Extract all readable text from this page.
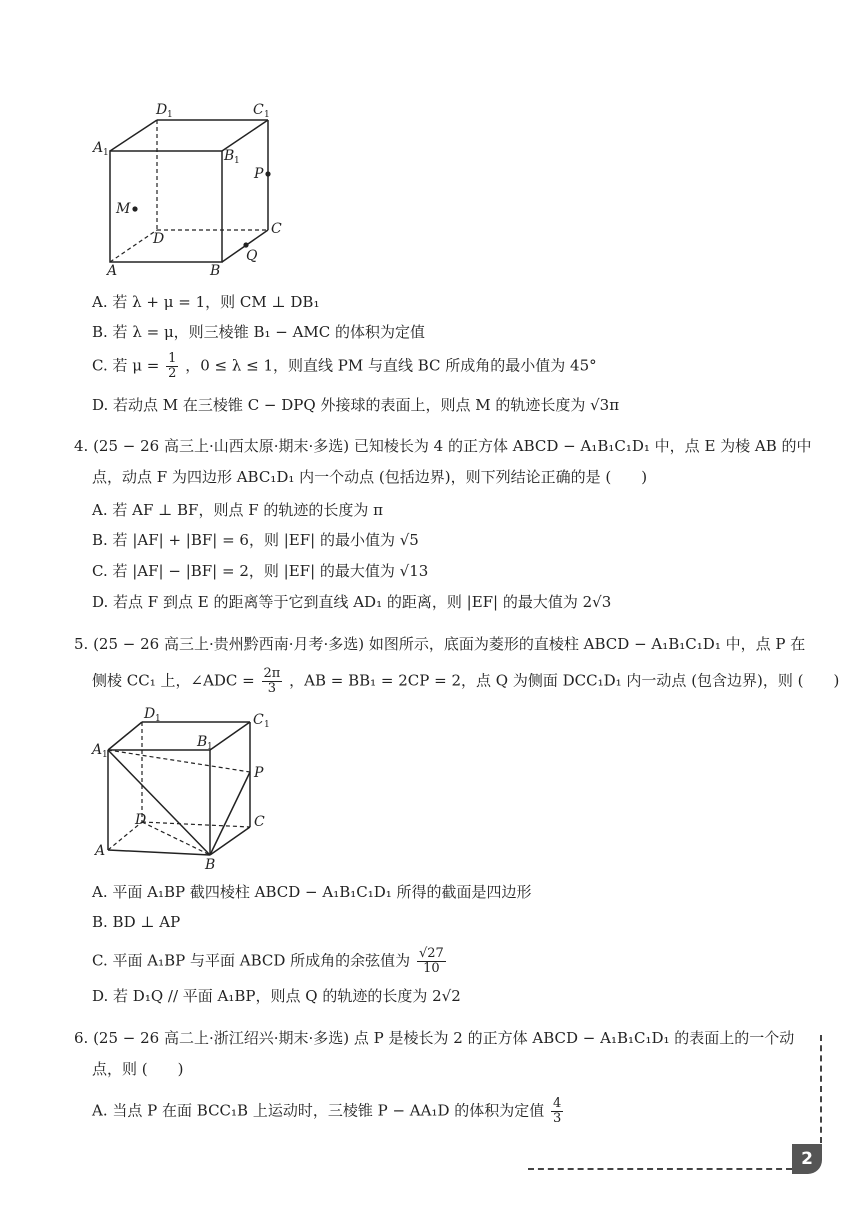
D 1	C 1
A 1	B 1
P
M
D
C
Q
A	B
A. 若 λ + μ = 1，则 CM ⊥ DB₁
B. 若 λ = μ，则三棱锥 B₁ − AMC 的体积为定值
C. 若 $\mu = \frac{1}{2}$ ，0 ≤ λ ≤ 1，则直线 PM 与直线 BC 所成角的最小值为 45°
D. 若动点 M 在三棱锥 C − DPQ 外接球的表面上，则点 M 的轨迹长度为 √3π
4. (25 − 26 高三上·山西太原·期末·多选) 已知棱长为 4 的正方体 ABCD − A₁B₁C₁D₁ 中，点 E 为棱 AB 的中
点，动点 F 为四边形 ABC₁D₁ 内一个动点 (包括边界)，则下列结论正确的是 (　　)
A. 若 AF ⊥ BF，则点 F 的轨迹的长度为 π
B. 若 |AF| + |BF| = 6，则 |EF| 的最小值为 √5
C. 若 |AF| − |BF| = 2，则 |EF| 的最大值为 √13
D. 若点 F 到点 E 的距离等于它到直线 AD₁ 的距离，则 |EF| 的最大值为 2√3
5. (25 − 26 高三上·贵州黔西南·月考·多选) 如图所示，底面为菱形的直棱柱 ABCD − A₁B₁C₁D₁ 中，点 P 在
侧棱 CC₁ 上，∠ADC = $\frac{2\pi}{3}$ ，AB = BB₁ = 2CP = 2，点 Q 为侧面 DCC₁D₁ 内一动点 (包含边界)，则 (　　)
D 1	C 1
A 1
B 1
P
D	C
A
B
A. 平面 A₁BP 截四棱柱 ABCD − A₁B₁C₁D₁ 所得的截面是四边形
B. BD ⊥ AP
C. 平面 A₁BP 与平面 ABCD 所成角的余弦值为 $\frac{√27}{10}$
D. 若 D₁Q // 平面 A₁BP，则点 Q 的轨迹的长度为 2√2
6. (25 − 26 高二上·浙江绍兴·期末·多选) 点 P 是棱长为 2 的正方体 ABCD − A₁B₁C₁D₁ 的表面上的一个动
点，则 (　　)
A. 当点 P 在面 BCC₁B 上运动时，三棱锥 P − AA₁D 的体积为定值 $\frac{4}{3}$
2
